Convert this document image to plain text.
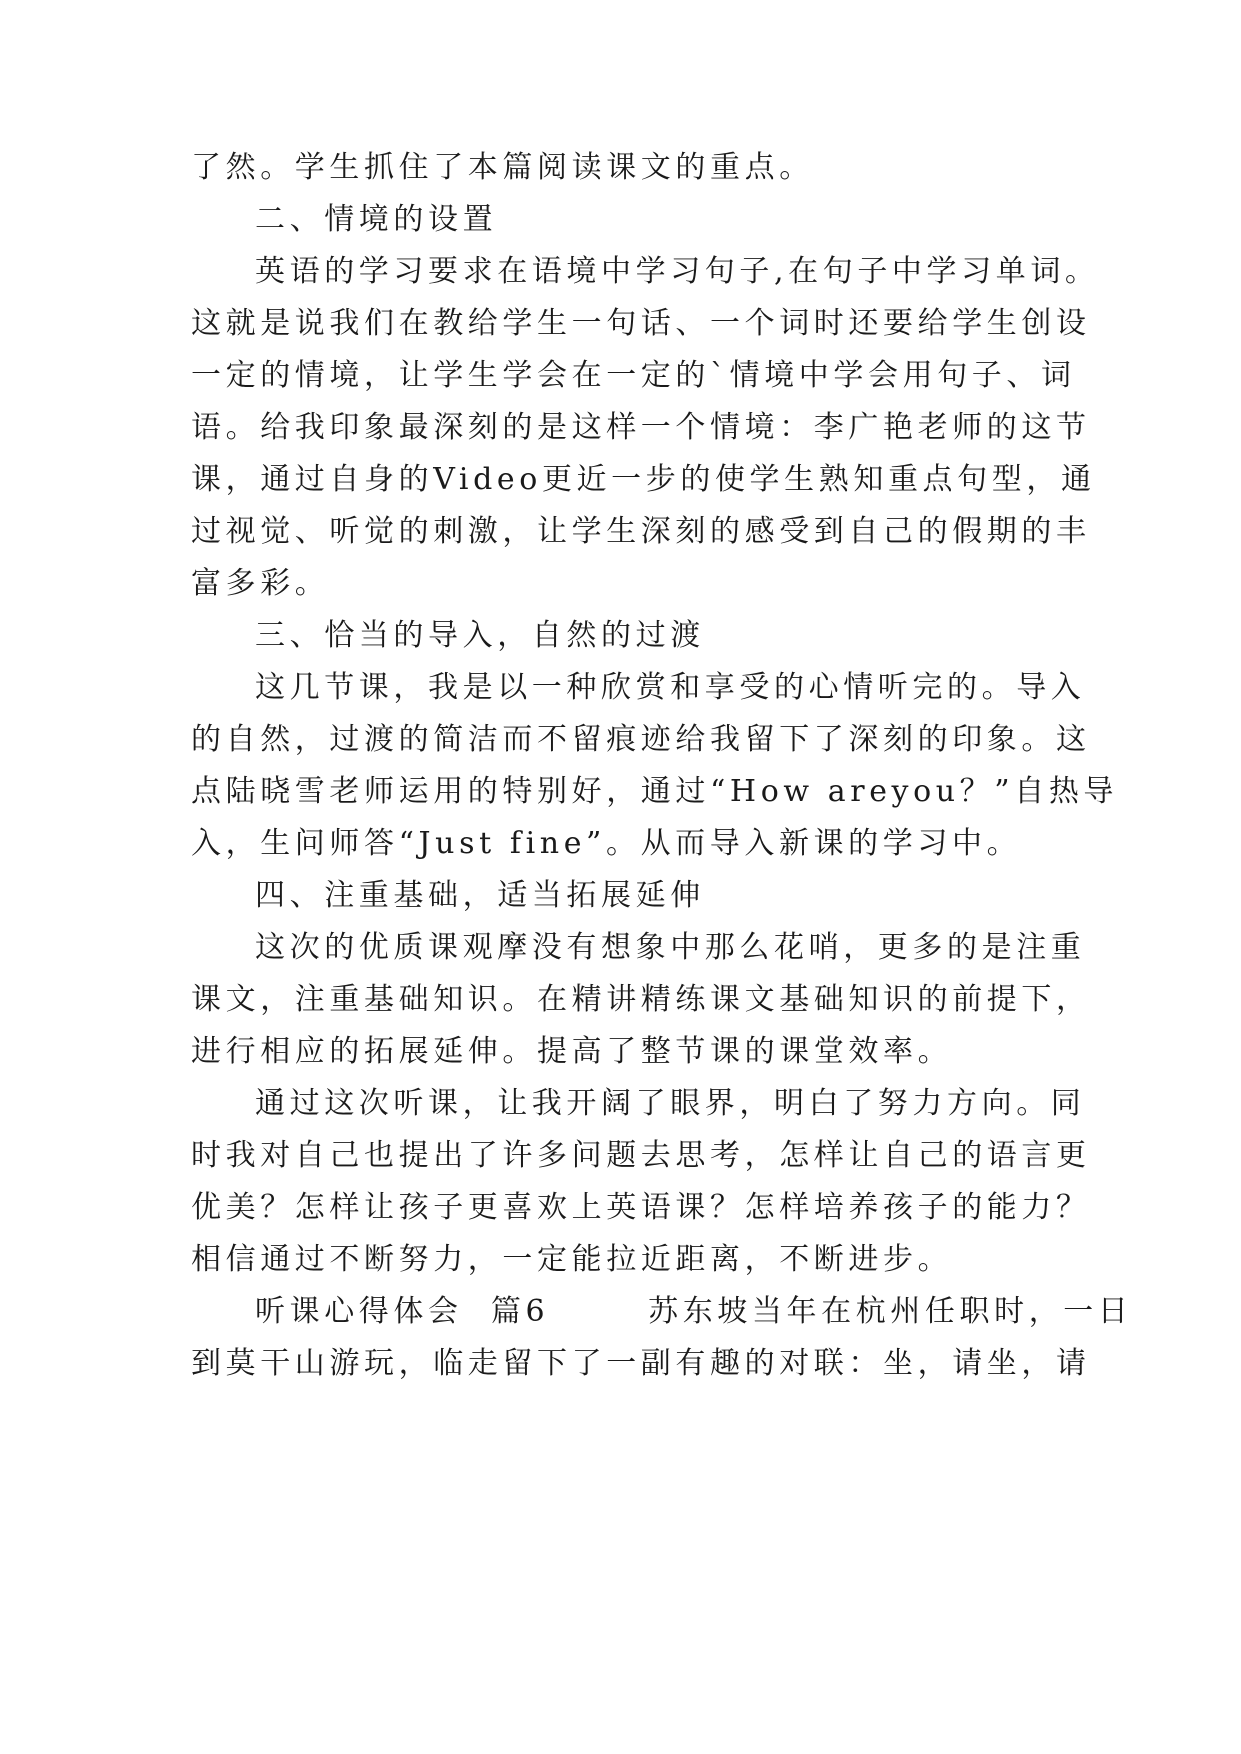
了然。学生抓住了本篇阅读课文的重点。
二、情境的设置
英语的学习要求在语境中学习句子,在句子中学习单词。
这就是说我们在教给学生一句话、一个词时还要给学生创设
一定的情境，让学生学会在一定的`情境中学会用句子、词
语。给我印象最深刻的是这样一个情境：李广艳老师的这节
课，通过自身的Video更近一步的使学生熟知重点句型，通
过视觉、听觉的刺激，让学生深刻的感受到自己的假期的丰
富多彩。
三、恰当的导入，自然的过渡
这几节课，我是以一种欣赏和享受的心情听完的。导入
的自然，过渡的简洁而不留痕迹给我留下了深刻的印象。这
点陆晓雪老师运用的特别好，通过“How areyou？”自热导
入，生问师答“Just fine”。从而导入新课的学习中。
四、注重基础，适当拓展延伸
这次的优质课观摩没有想象中那么花哨，更多的是注重
课文，注重基础知识。在精讲精练课文基础知识的前提下，
进行相应的拓展延伸。提高了整节课的课堂效率。
通过这次听课，让我开阔了眼界，明白了努力方向。同
时我对自己也提出了许多问题去思考，怎样让自己的语言更
优美？怎样让孩子更喜欢上英语课？怎样培养孩子的能力？
相信通过不断努力，一定能拉近距离，不断进步。
听课心得体会  篇6       苏东坡当年在杭州任职时，一日
到莫干山游玩，临走留下了一副有趣的对联：坐，请坐，请
